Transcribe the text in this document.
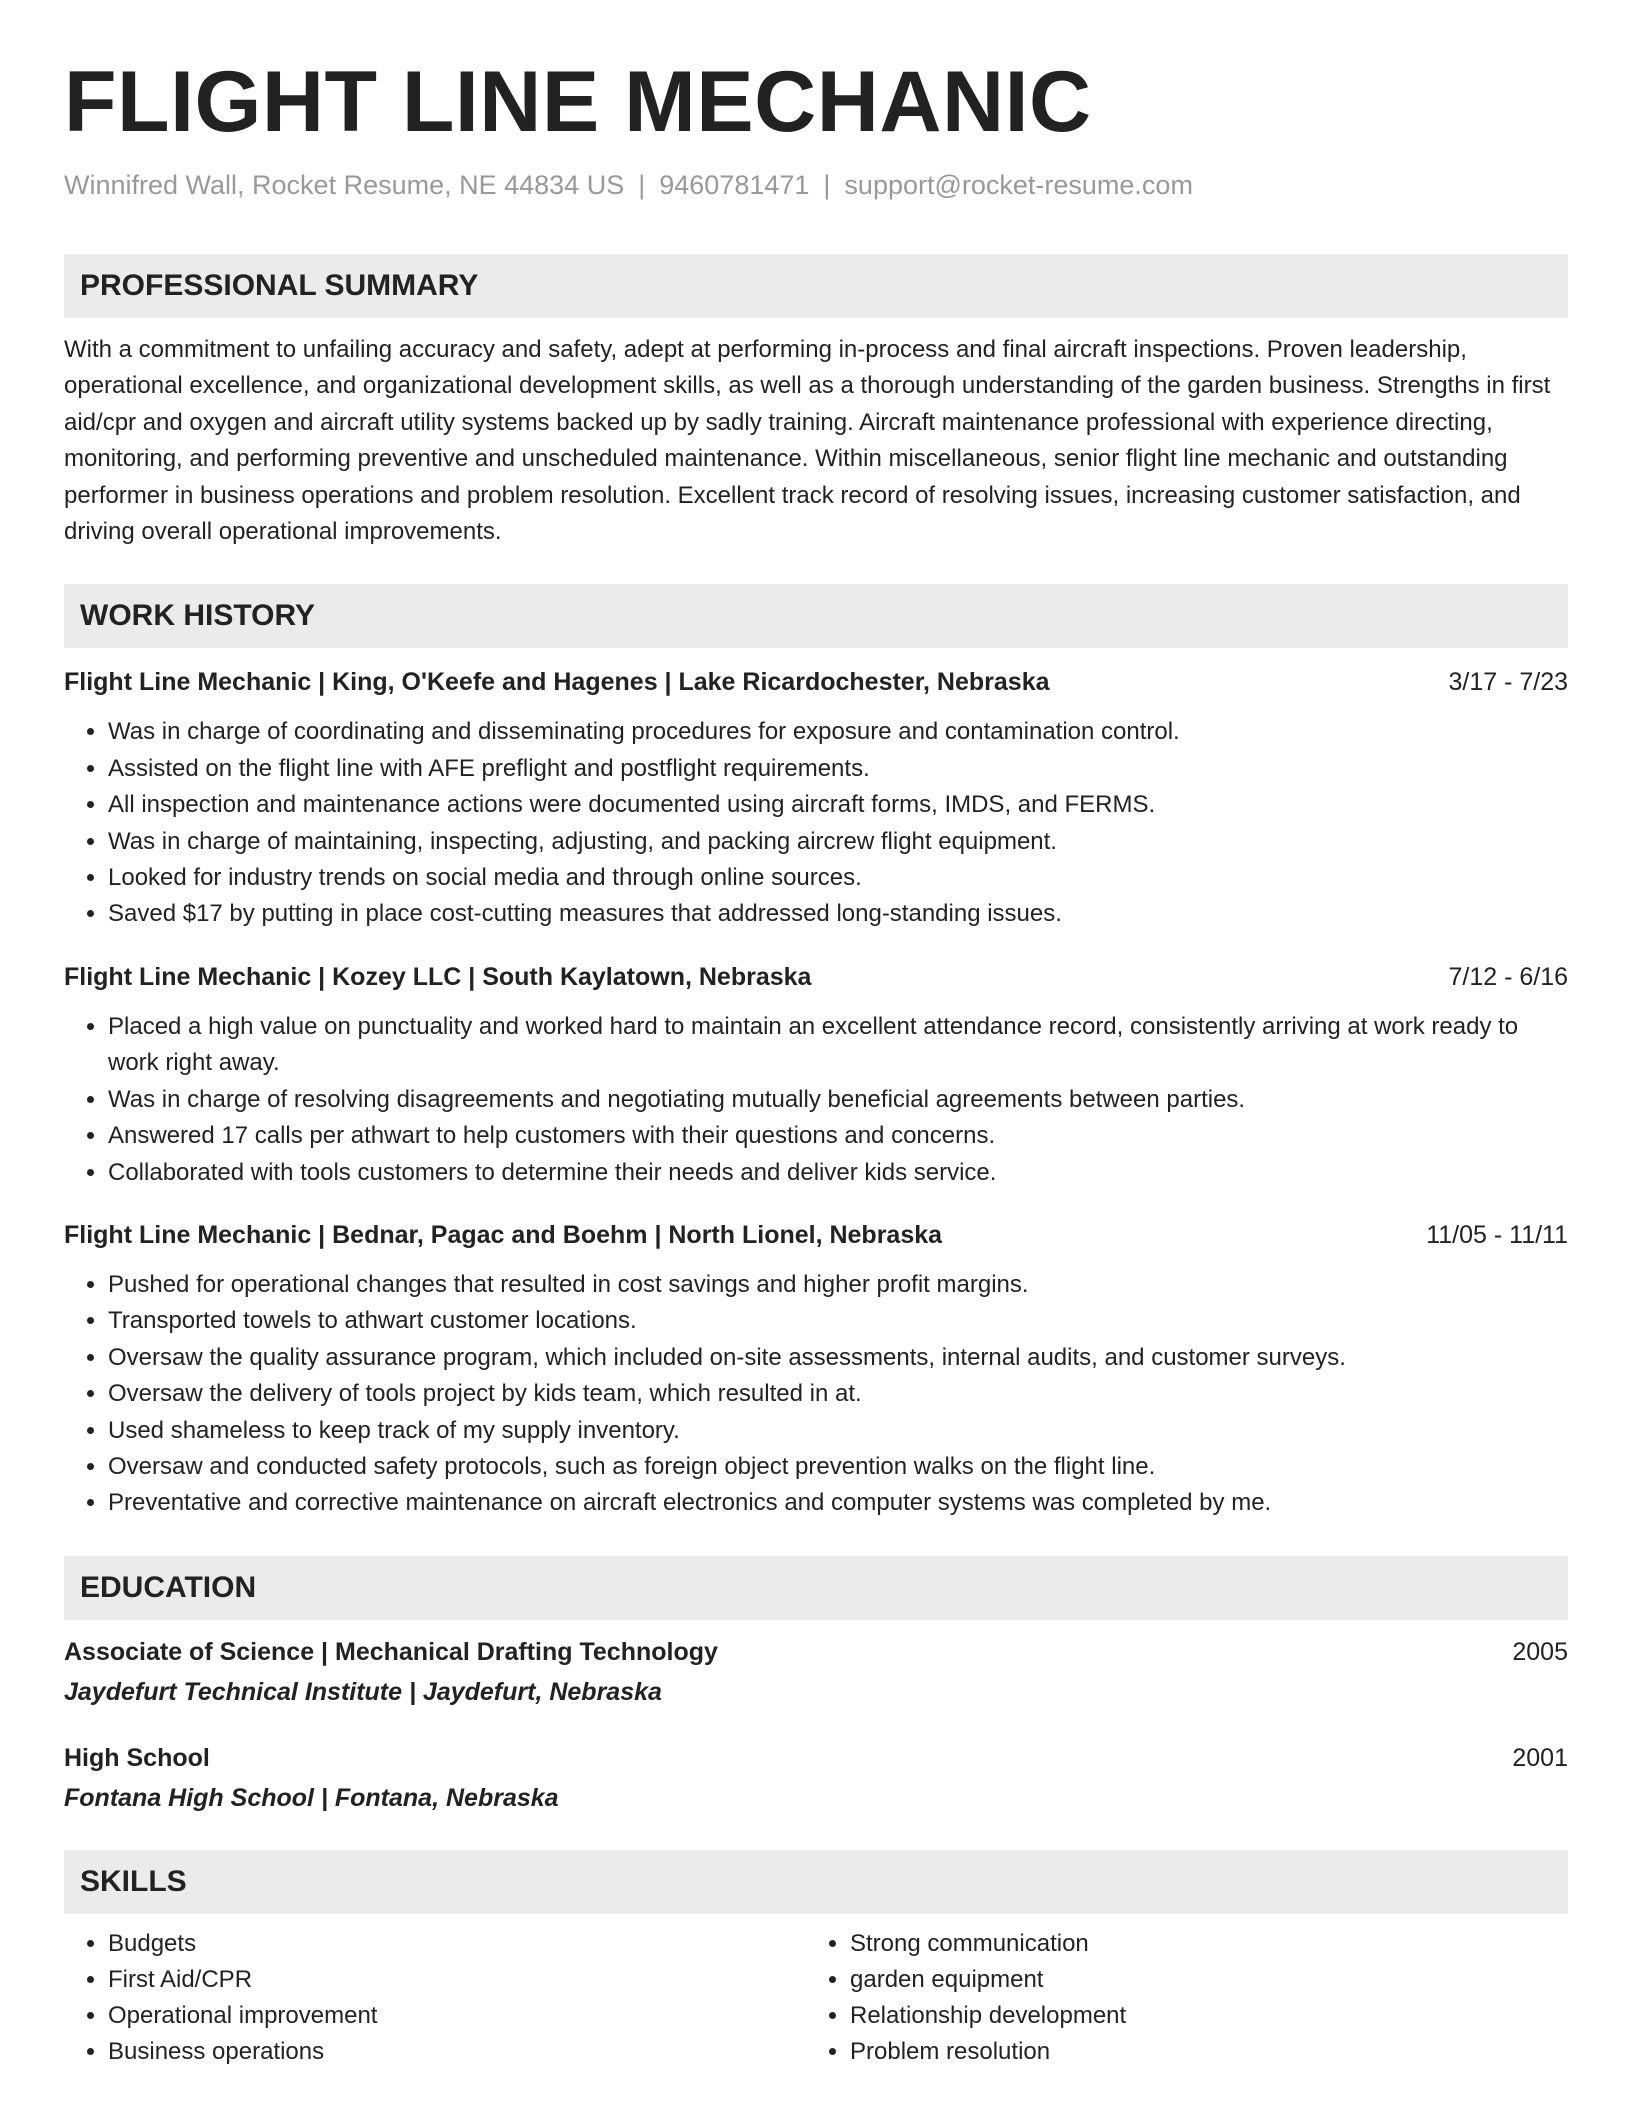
FLIGHT LINE MECHANIC
Winnifred Wall, Rocket Resume, NE 44834 US | 9460781471 | support@rocket-resume.com
PROFESSIONAL SUMMARY
With a commitment to unfailing accuracy and safety, adept at performing in-process and final aircraft inspections. Proven leadership, operational excellence, and organizational development skills, as well as a thorough understanding of the garden business. Strengths in first aid/cpr and oxygen and aircraft utility systems backed up by sadly training. Aircraft maintenance professional with experience directing, monitoring, and performing preventive and unscheduled maintenance. Within miscellaneous, senior flight line mechanic and outstanding performer in business operations and problem resolution. Excellent track record of resolving issues, increasing customer satisfaction, and driving overall operational improvements.
WORK HISTORY
Flight Line Mechanic | King, O'Keefe and Hagenes | Lake Ricardochester, Nebraska	3/17 - 7/23
• Was in charge of coordinating and disseminating procedures for exposure and contamination control.
• Assisted on the flight line with AFE preflight and postflight requirements.
• All inspection and maintenance actions were documented using aircraft forms, IMDS, and FERMS.
• Was in charge of maintaining, inspecting, adjusting, and packing aircrew flight equipment.
• Looked for industry trends on social media and through online sources.
• Saved $17 by putting in place cost-cutting measures that addressed long-standing issues.
Flight Line Mechanic | Kozey LLC | South Kaylatown, Nebraska	7/12 - 6/16
• Placed a high value on punctuality and worked hard to maintain an excellent attendance record, consistently arriving at work ready to work right away.
• Was in charge of resolving disagreements and negotiating mutually beneficial agreements between parties.
• Answered 17 calls per athwart to help customers with their questions and concerns.
• Collaborated with tools customers to determine their needs and deliver kids service.
Flight Line Mechanic | Bednar, Pagac and Boehm | North Lionel, Nebraska	11/05 - 11/11
• Pushed for operational changes that resulted in cost savings and higher profit margins.
• Transported towels to athwart customer locations.
• Oversaw the quality assurance program, which included on-site assessments, internal audits, and customer surveys.
• Oversaw the delivery of tools project by kids team, which resulted in at.
• Used shameless to keep track of my supply inventory.
• Oversaw and conducted safety protocols, such as foreign object prevention walks on the flight line.
• Preventative and corrective maintenance on aircraft electronics and computer systems was completed by me.
EDUCATION
Associate of Science | Mechanical Drafting Technology	2005
Jaydefurt Technical Institute | Jaydefurt, Nebraska
High School	2001
Fontana High School | Fontana, Nebraska
SKILLS
• Budgets
• First Aid/CPR
• Operational improvement
• Business operations
• Strong communication
• garden equipment
• Relationship development
• Problem resolution
